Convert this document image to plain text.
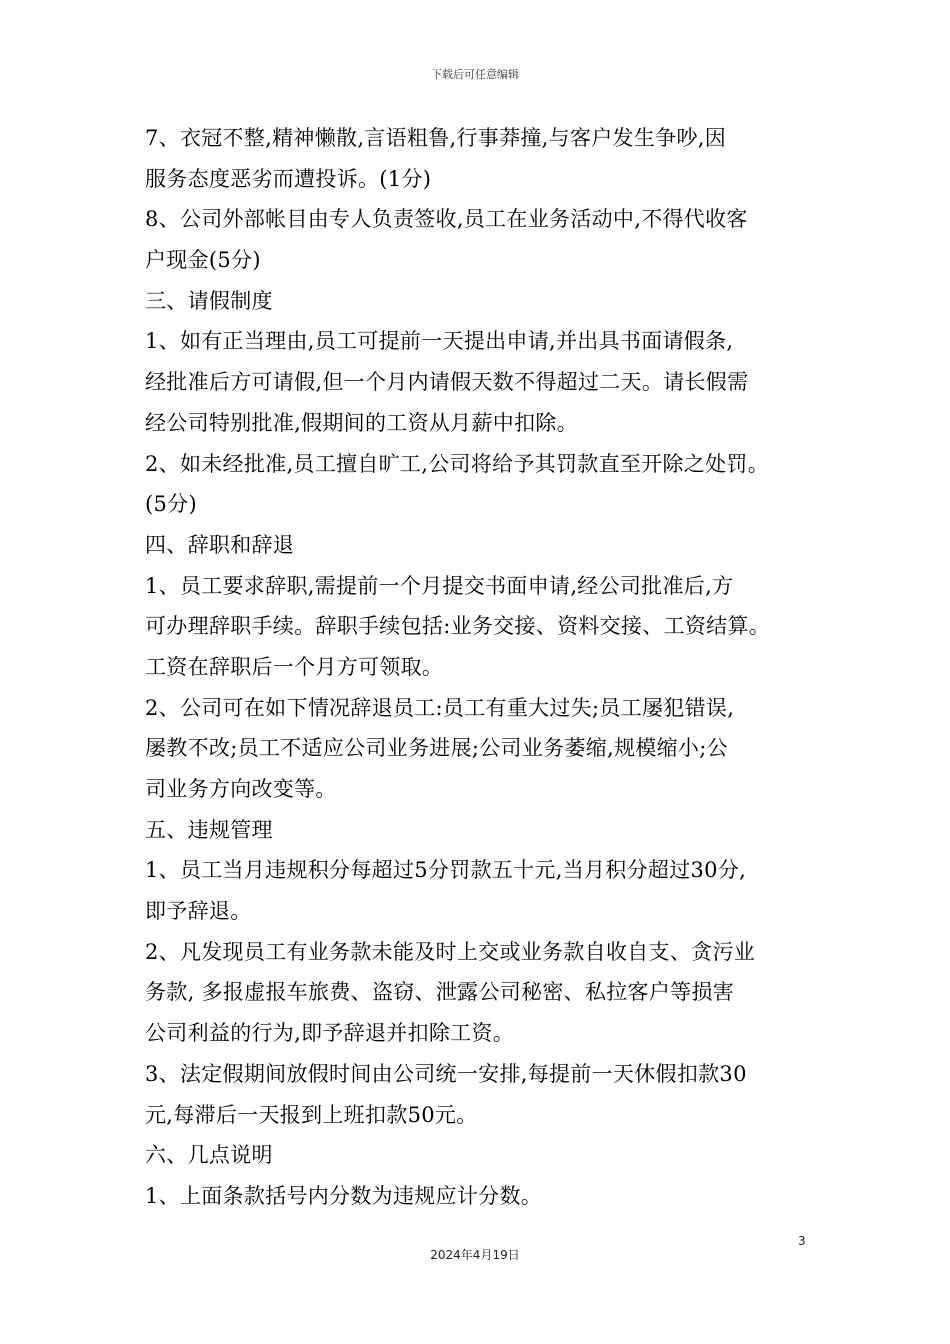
下载后可任意编辑
7、衣冠不整,精神懒散,言语粗鲁,行事莽撞,与客户发生争吵,因
服务态度恶劣而遭投诉。(1分)
8、公司外部帐目由专人负责签收,员工在业务活动中,不得代收客
户现金(5分)
三、请假制度
1、如有正当理由,员工可提前一天提出申请,并出具书面请假条,
经批准后方可请假,但一个月内请假天数不得超过二天。请长假需
经公司特别批准,假期间的工资从月薪中扣除。
2、如未经批准,员工擅自旷工,公司将给予其罚款直至开除之处罚。
(5分)
四、辞职和辞退
1、员工要求辞职,需提前一个月提交书面申请,经公司批准后,方
可办理辞职手续。辞职手续包括:业务交接、资料交接、工资结算。
工资在辞职后一个月方可领取。
2、公司可在如下情况辞退员工:员工有重大过失;员工屡犯错误,
屡教不改;员工不适应公司业务进展;公司业务萎缩,规模缩小;公
司业务方向改变等。
五、违规管理
1、员工当月违规积分每超过5分罚款五十元,当月积分超过30分,
即予辞退。
2、凡发现员工有业务款未能及时上交或业务款自收自支、贪污业
务款, 多报虚报车旅费、盗窃、泄露公司秘密、私拉客户等损害
公司利益的行为,即予辞退并扣除工资。
3、法定假期间放假时间由公司统一安排,每提前一天休假扣款30
元,每滞后一天报到上班扣款50元。
六、几点说明
1、上面条款括号内分数为违规应计分数。
3
2024年4月19日
